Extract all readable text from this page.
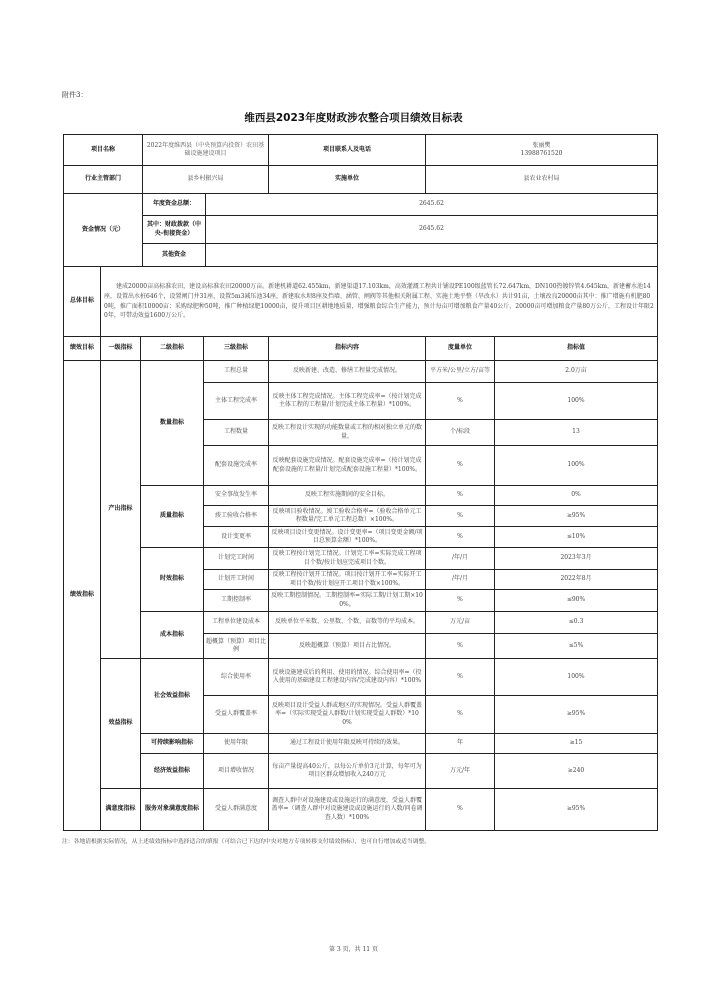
附件3：
维西县2023年度财政涉农整合项目绩效目标表
项目名称	2022年度维西县（中央预算内投资）农田基础设施建设项目	项目联系人及电话	张丽樊
13988761520

行业主管部门	县乡村振兴局	实施单位	县农业农村局
资金情况（元）	年度资金总额：	2645.62
	其中：财政拨款（中央-衔接资金）	2645.62
	其他资金	
总体目标	建成20000亩高标准农田，建设高标准农田20000万亩。新建机耕道62.455km，新建渠道17.103km，高效灌溉工程共计铺设PE100级蓝管长72.647km，DN100热镀锌管4.645km，新建蓄水池14座，设置出水桩646个，设置闸门井31座，设置5m3减压池34座，新建取水坝8座及挡墙、涵管、闸阀等其他相关附属工程、实施土地平整（旱改水）共计91亩，土壤改良20000亩其中：推广增施有机肥800吨，推广面积10000亩；采购绿肥种50吨，推广种植绿肥10000亩，提升项目区耕地地质量，增强粮食综合生产能力，预计每亩可增加粮食产量40公斤，20000亩可增加粮食产量80万公斤，工程设计年限20年，可带动效益1600万公斤。
绩效目标	一级指标	二级指标	三级指标	指标内容	度量单位	指标值
绩效指标	产出指标	数量指标	工程总量	反映新建、改造、修缮工程量完成情况。	平方米/公里/立方/亩等	2.0万亩
			主体工程完成率	反映主体工程完成情况。主体工程完成率=（按计划完成主体工程的工程量/计划完成主体工程量）*100%。	%	100%
			工程数量	反映工程设计实现的功能数量或工程的相对独立单元的数量。	个/标段	13
			配套设施完成率	反映配套设施完成情况。配套设施完成率=（按计划完成配套设施的工程量/计划完成配套设施工程量）*100%。	%	100%
		质量指标	安全事故发生率	反映工程实施期间的安全目标。	%	0%
			竣工验收合格率	反映项目验收情况。竣工验收合格率=（验收合格单元工程数量/完工单元工程总数）×100%。	%	≥95%
			设计变更率	反映项目设计变更情况。设计变更率=（项目变更金额/项目总预算金额）*100%。	%	≤10%
		时效指标	计划完工时间	反映工程按计划完工情况。计划完工率=实际完成工程项目个数/按计划应完成项目个数。	/年/月	2023年3月
			计划开工时间	反映工程按计划开工情况。项目按计划开工率=实际开工项目个数/按计划应开工项目个数×100%。	/年/月	2022年8月
			工期控制率	反映工期控制情况。工期控制率=实际工期/计划工期×100%。	%	≤90%
		成本指标	工程单位建设成本	反映单位平米数、公里数、个数、亩数等的平均成本。	万元/亩	≤0.3
			超概算（预算）项目比例	反映超概算（预算）项目占比情况。	%	≤5%
	效益指标	社会效益指标	综合使用率	反映设施建成后的利用、使用的情况。综合使用率=（投入使用的基础建设工程建设内容/完成建设内容）*100%	%	100%
			受益人群覆盖率	反映项目设计受益人群或地区的实现情况。受益人群覆盖率=（实际实现受益人群数/计划实现受益人群数）*100%	%	≥95%
		可持续影响指标	使用年限	通过工程设计使用年限反映可持续的效果。	年	≥15
		经济效益指标	项目增收情况	每亩产量提高40公斤，以每公斤单价3元计算，每年可为项目区群众增加收入240万元	万元/年	≥240
	满意度指标	服务对象满意度指标	受益人群满意度	调查人群中对设施建设或设施运行的满意度，受益人群覆盖率=（调查人群中对设施建设或设施运行的人数/问卷调查人数）*100%	%	≥95%
注：各地请根据实际情况，从上述绩效指标中选择适合的填报（可结合已下达的中央对地方专项转移支付绩效指标），也可自行增加或适当调整。
第 3 页，共 11 页
